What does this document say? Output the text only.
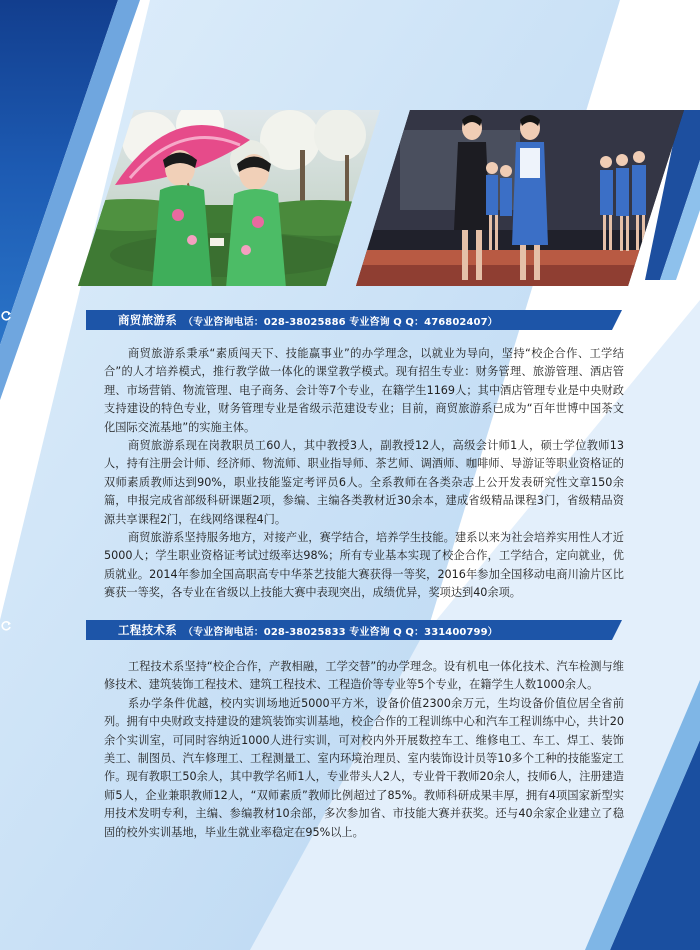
商贸旅游系 （专业咨询电话：028-38025886 专业咨询 Q Q：476802407）

商贸旅游系秉承“素质闯天下、技能赢事业”的办学理念，以就业为导向，坚持“校企合作、工学结合”的人才培养模式，推行教学做一体化的课堂教学模式。现有招生专业：财务管理、旅游管理、酒店管理、市场营销、物流管理、电子商务、会计等7个专业，在籍学生1169人；其中酒店管理专业是中央财政支持建设的特色专业，财务管理专业是省级示范建设专业；目前，商贸旅游系已成为“百年世博中国茶文化国际交流基地”的实施主体。

商贸旅游系现在岗教职员工60人，其中教授3人，副教授12人，高级会计师1人，硕士学位教师13人，持有注册会计师、经济师、物流师、职业指导师、茶艺师、调酒师、咖啡师、导游证等职业资格证的双师素质教师达到90%，职业技能鉴定考评员6人。全系教师在各类杂志上公开发表研究性文章150余篇，申报完成省部级科研课题2项，参编、主编各类教材近30余本，建成省级精品课程3门，省级精品资源共享课程2门，在线网络课程4门。

商贸旅游系坚持服务地方，对接产业，赛学结合，培养学生技能。建系以来为社会培养实用性人才近5000人；学生职业资格证考试过级率达98%；所有专业基本实现了校企合作，工学结合，定向就业，优质就业。2014年参加全国高职高专中华茶艺技能大赛获得一等奖，2016年参加全国移动电商川渝片区比赛获一等奖，各专业在省级以上技能大赛中表现突出，成绩优异，奖项达到40余项。

工程技术系 （专业咨询电话：028-38025833 专业咨询 Q Q：331400799）

工程技术系坚持“校企合作，产教相融，工学交替”的办学理念。设有机电一体化技术、汽车检测与维修技术、建筑装饰工程技术、建筑工程技术、工程造价等专业等5个专业，在籍学生人数1000余人。

系办学条件优越，校内实训场地近5000平方米，设备价值2300余万元，生均设备价值位居全省前列。拥有中央财政支持建设的建筑装饰实训基地，校企合作的工程训练中心和汽车工程训练中心，共计20余个实训室，可同时容纳近1000人进行实训，可对校内外开展数控车工、维修电工、车工、焊工、装饰美工、制图员、汽车修理工、工程测量工、室内环境治理员、室内装饰设计员等10多个工种的技能鉴定工作。现有教职工50余人，其中教学名师1人，专业带头人2人，专业骨干教师20余人，技师6人，注册建造师5人，企业兼职教师12人，“双师素质”教师比例超过了85%。教师科研成果丰厚，拥有4项国家新型实用技术发明专利，主编、参编教材10余部，多次参加省、市技能大赛并获奖。还与40余家企业建立了稳固的校外实训基地，毕业生就业率稳定在95%以上。
